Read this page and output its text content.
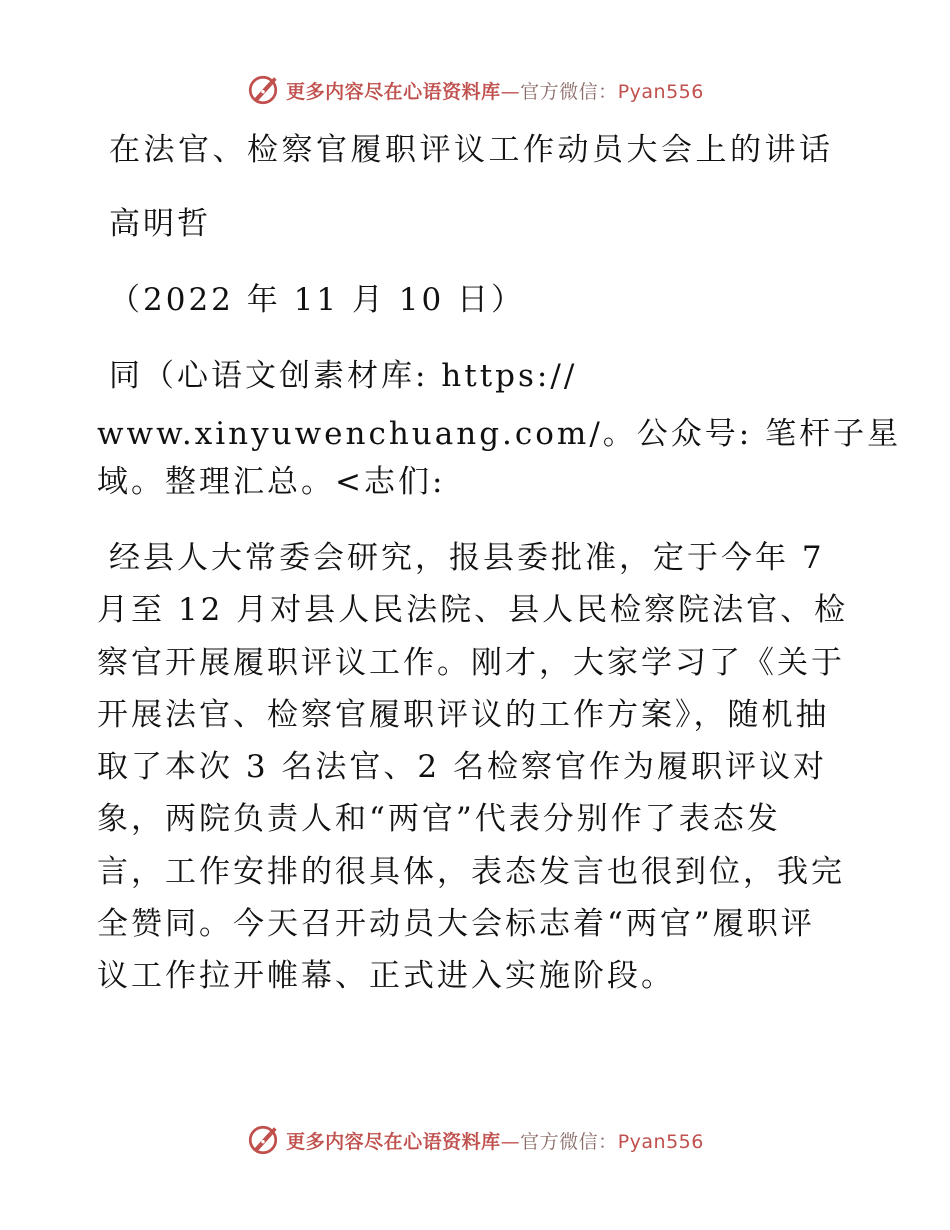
更多内容尽在心语资料库—官方微信：Pyan556
在法官、检察官履职评议工作动员大会上的讲话
高明哲
（2022 年 11 月 10 日）
同（心语文创素材库: https://
www.xinyuwenchuang.com/。公众号: 笔杆子星
域。整理汇总。<志们:
经县人大常委会研究，报县委批准，定于今年 7
月至 12 月对县人民法院、县人民检察院法官、检
察官开展履职评议工作。刚才，大家学习了《关于
开展法官、检察官履职评议的工作方案》，随机抽
取了本次 3 名法官、2 名检察官作为履职评议对
象，两院负责人和“两官”代表分别作了表态发
言，工作安排的很具体，表态发言也很到位，我完
全赞同。今天召开动员大会标志着“两官”履职评
议工作拉开帷幕、正式进入实施阶段。
更多内容尽在心语资料库—官方微信：Pyan556
